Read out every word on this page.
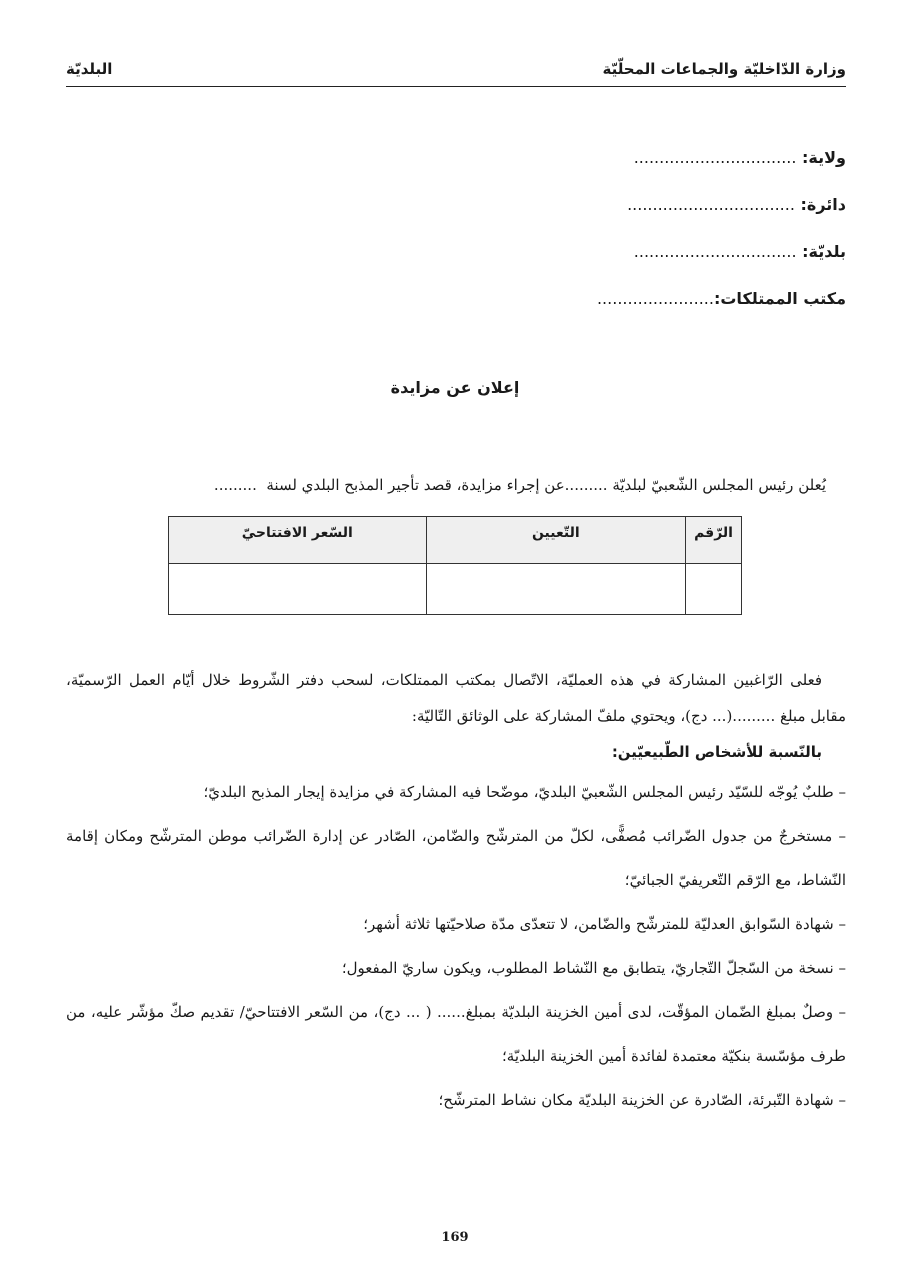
وزارة الدّاخليّة والجماعات المحلّيّة
البلديّة
ولاية: ................................
دائرة: .................................
بلديّة: ................................
مكتب الممتلكات:.......................
إعلان عن مزايدة
يُعلن رئيس المجلس الشّعبيّ لبلديّة .........عن إجراء مزايدة، قصد تأجير المذبح البلدي لسنة ‏ .........
الرّقم	التّعيين	السّعر الافتتاحيّ

فعلى الرّاغبين المشاركة في هذه العمليّة، الاتّصال بمكتب الممتلكات، لسحب دفتر الشّروط خلال أيّام العمل الرّسميّة، مقابل مبلغ .........(... دج)، ويحتوي ملفّ المشاركة على الوثائق التّاليّة:

بالنّسبة للأشخاص الطّبيعيّين:

– طلبٌ يُوجّه للسّيّد رئيس المجلس الشّعبيّ البلديّ، موضّحا فيه المشاركة في مزايدة إيجار المذبح البلديّ؛

– مستخرجٌ من جدول الضّرائب مُصفًّى، لكلّ من المترشّح والضّامن، الصّادر عن إدارة الضّرائب موطن المترشّح ومكان إقامة النّشاط، مع الرّقم التّعريفيّ الجبائيّ؛

– شهادة السّوابق العدليّة للمترشّح والضّامن، لا تتعدّى مدّة صلاحيّتها ثلاثة أشهر؛

– نسخة من السّجلّ التّجاريّ، يتطابق مع النّشاط المطلوب، ويكون ساريّ المفعول؛

– وصلٌ بمبلغ الضّمان المؤقّت، لدى أمين الخزينة البلديّة بمبلغ...... ( ... دج)، من السّعر الافتتاحيّ/ تقديم صكّ مؤشّر عليه، من طرف مؤسّسة بنكيّة معتمدة لفائدة أمين الخزينة البلديّة؛

– شهادة التّبرئة، الصّادرة عن الخزينة البلديّة مكان نشاط المترشّح؛

169
